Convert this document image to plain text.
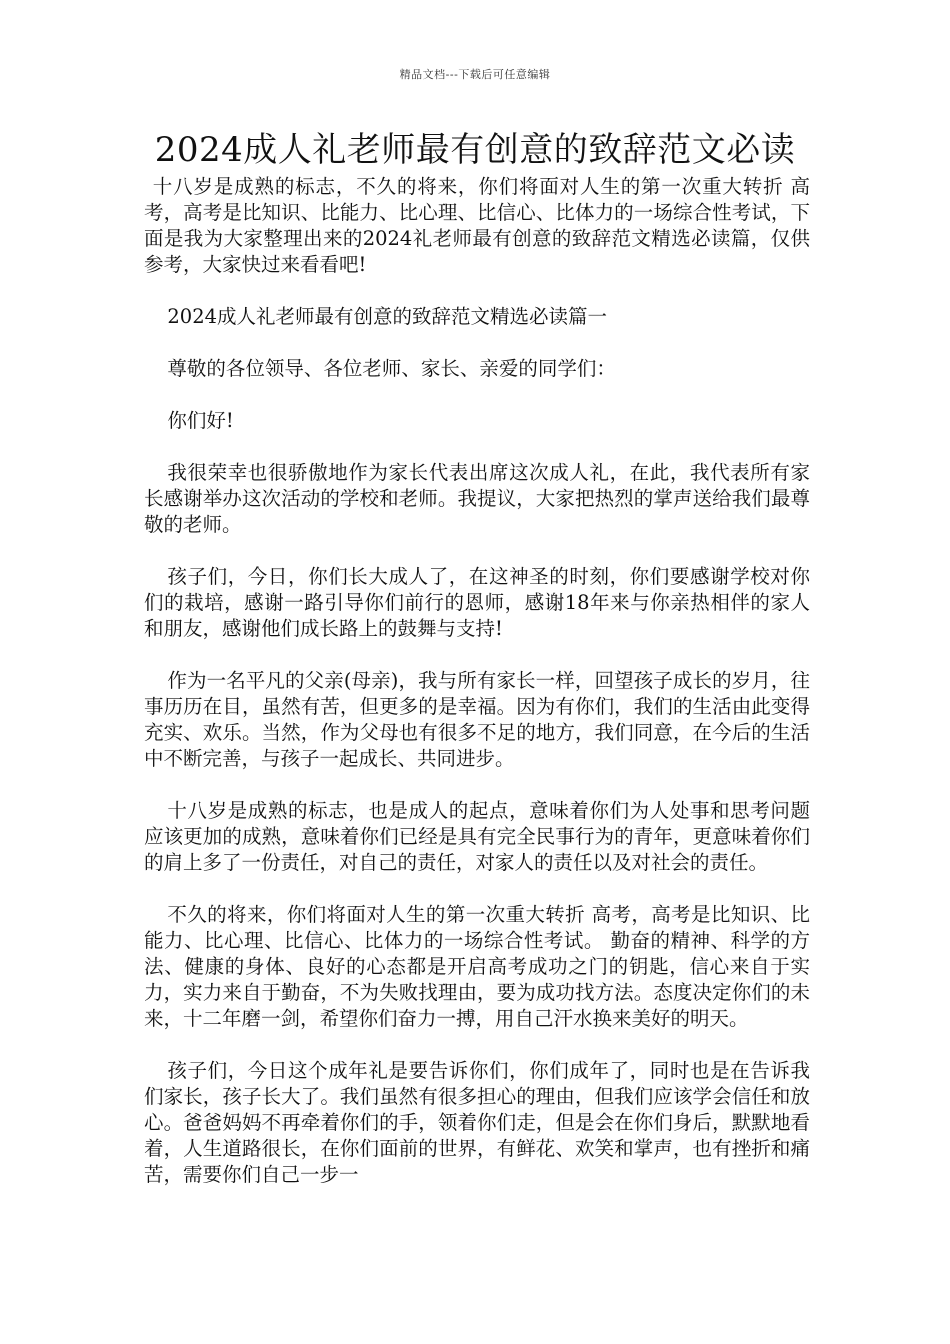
精品文档---下载后可任意编辑
2024成人礼老师最有创意的致辞范文必读

十八岁是成熟的标志，不久的将来，你们将面对人生的第一次重大转折 高考，高考是比知识、比能力、比心理、比信心、比体力的一场综合性考试，下面是我为大家整理出来的2024礼老师最有创意的致辞范文精选必读篇，仅供参考，大家快过来看看吧!

2024成人礼老师最有创意的致辞范文精选必读篇一

尊敬的各位领导、各位老师、家长、亲爱的同学们：

你们好!

我很荣幸也很骄傲地作为家长代表出席这次成人礼，在此，我代表所有家长感谢举办这次活动的学校和老师。我提议，大家把热烈的掌声送给我们最尊敬的老师。

孩子们，今日，你们长大成人了，在这神圣的时刻，你们要感谢学校对你们的栽培，感谢一路引导你们前行的恩师，感谢18年来与你亲热相伴的家人和朋友，感谢他们成长路上的鼓舞与支持!

作为一名平凡的父亲(母亲)，我与所有家长一样，回望孩子成长的岁月，往事历历在目，虽然有苦，但更多的是幸福。因为有你们，我们的生活由此变得充实、欢乐。当然，作为父母也有很多不足的地方，我们同意，在今后的生活中不断完善，与孩子一起成长、共同进步。

十八岁是成熟的标志，也是成人的起点，意味着你们为人处事和思考问题应该更加的成熟，意味着你们已经是具有完全民事行为的青年，更意味着你们的肩上多了一份责任，对自己的责任，对家人的责任以及对社会的责任。

不久的将来，你们将面对人生的第一次重大转折 高考，高考是比知识、比能力、比心理、比信心、比体力的一场综合性考试。 勤奋的精神、科学的方法、健康的身体、良好的心态都是开启高考成功之门的钥匙，信心来自于实力，实力来自于勤奋，不为失败找理由，要为成功找方法。态度决定你们的未来，十二年磨一剑，希望你们奋力一搏，用自己汗水换来美好的明天。

孩子们，今日这个成年礼是要告诉你们，你们成年了，同时也是在告诉我们家长，孩子长大了。我们虽然有很多担心的理由，但我们应该学会信任和放心。爸爸妈妈不再牵着你们的手，领着你们走，但是会在你们身后，默默地看着，人生道路很长，在你们面前的世界，有鲜花、欢笑和掌声，也有挫折和痛苦，需要你们自己一步一
